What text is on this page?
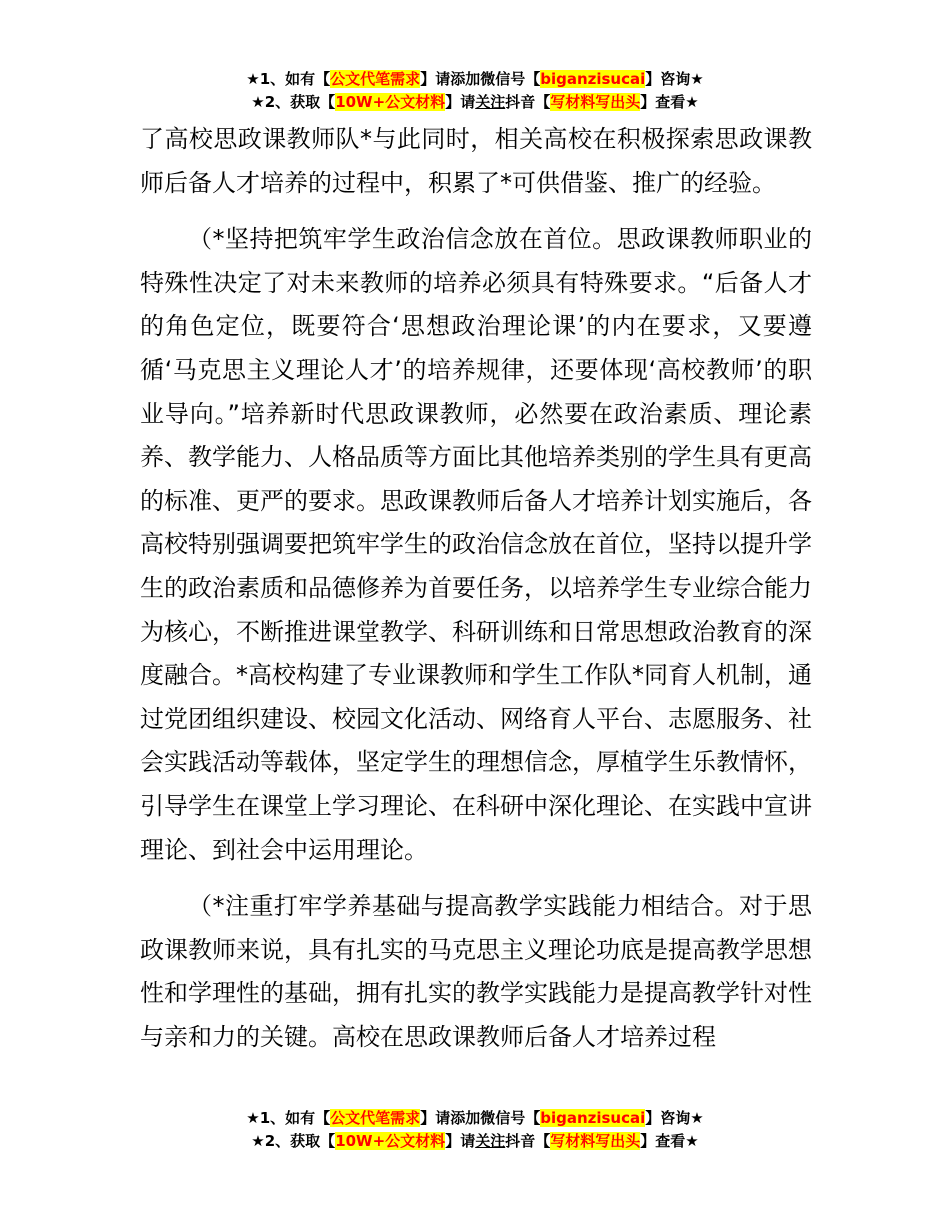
★1、如有【公文代笔需求】请添加微信号【biganzisucai】咨询★
★2、获取【10W+公文材料】请关注抖音【写材料写出头】查看★

了高校思政课教师队*与此同时，相关高校在积极探索思政课教师后备人才培养的过程中，积累了*可供借鉴、推广的经验。

（*坚持把筑牢学生政治信念放在首位。思政课教师职业的特殊性决定了对未来教师的培养必须具有特殊要求。“后备人才的角色定位，既要符合‘思想政治理论课’的内在要求，又要遵循‘马克思主义理论人才’的培养规律，还要体现‘高校教师’的职业导向。”培养新时代思政课教师，必然要在政治素质、理论素养、教学能力、人格品质等方面比其他培养类别的学生具有更高的标准、更严的要求。思政课教师后备人才培养计划实施后，各高校特别强调要把筑牢学生的政治信念放在首位，坚持以提升学生的政治素质和品德修养为首要任务，以培养学生专业综合能力为核心，不断推进课堂教学、科研训练和日常思想政治教育的深度融合。*高校构建了专业课教师和学生工作队*同育人机制，通过党团组织建设、校园文化活动、网络育人平台、志愿服务、社会实践活动等载体，坚定学生的理想信念，厚植学生乐教情怀，引导学生在课堂上学习理论、在科研中深化理论、在实践中宣讲理论、到社会中运用理论。

（*注重打牢学养基础与提高教学实践能力相结合。对于思政课教师来说，具有扎实的马克思主义理论功底是提高教学思想性和学理性的基础，拥有扎实的教学实践能力是提高教学针对性与亲和力的关键。高校在思政课教师后备人才培养过程

★1、如有【公文代笔需求】请添加微信号【biganzisucai】咨询★
★2、获取【10W+公文材料】请关注抖音【写材料写出头】查看★
